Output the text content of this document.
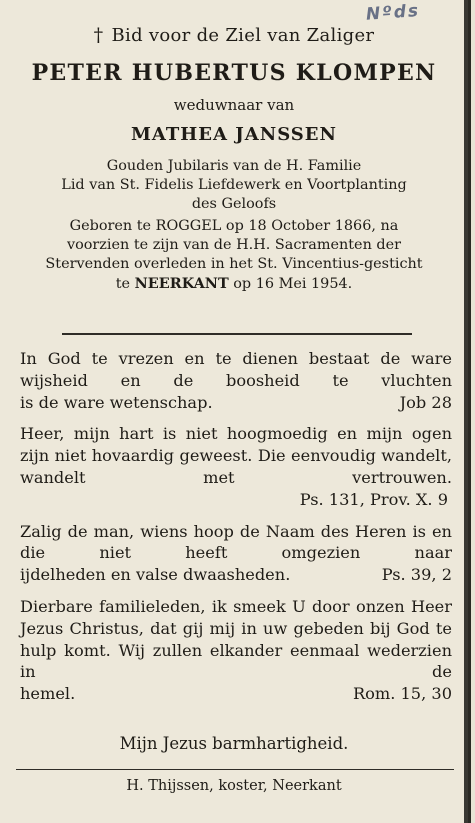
Nºds

† Bid voor de Ziel van Zaliger

PETER HUBERTUS KLOMPEN

weduwnaar van

MATHEA JANSSEN

Gouden Jubilaris van de H. Familie

Lid van St. Fidelis Liefdewerk en Voortplanting

des Geloofs

Geboren te ROGGEL op 18 October 1866, na

voorzien te zijn van de H.H. Sacramenten der

Stervenden overleden in het St. Vincentius-gesticht

te NEERKANT op 16 Mei 1954.

In God te vrezen en te dienen bestaat de ware wijsheid en de boosheid te vluchten
is de ware wetenschap.	Job 28
Heer, mijn hart is niet hoogmoedig en mijn ogen zijn niet hovaardig geweest. Die eenvoudig wandelt, wandelt met vertrouwen.
Ps. 131, Prov. X. 9
Zalig de man, wiens hoop de Naam des Heren is en die niet heeft omgezien naar
ijdelheden en valse dwaasheden.	Ps. 39, 2
Dierbare familieleden, ik smeek U door onzen Heer Jezus Christus, dat gij mij in uw gebeden bij God te hulp komt. Wij zullen elkander eenmaal wederzien in de
hemel.	Rom. 15, 30
Mijn Jezus barmhartigheid.
H. Thijssen, koster, Neerkant
